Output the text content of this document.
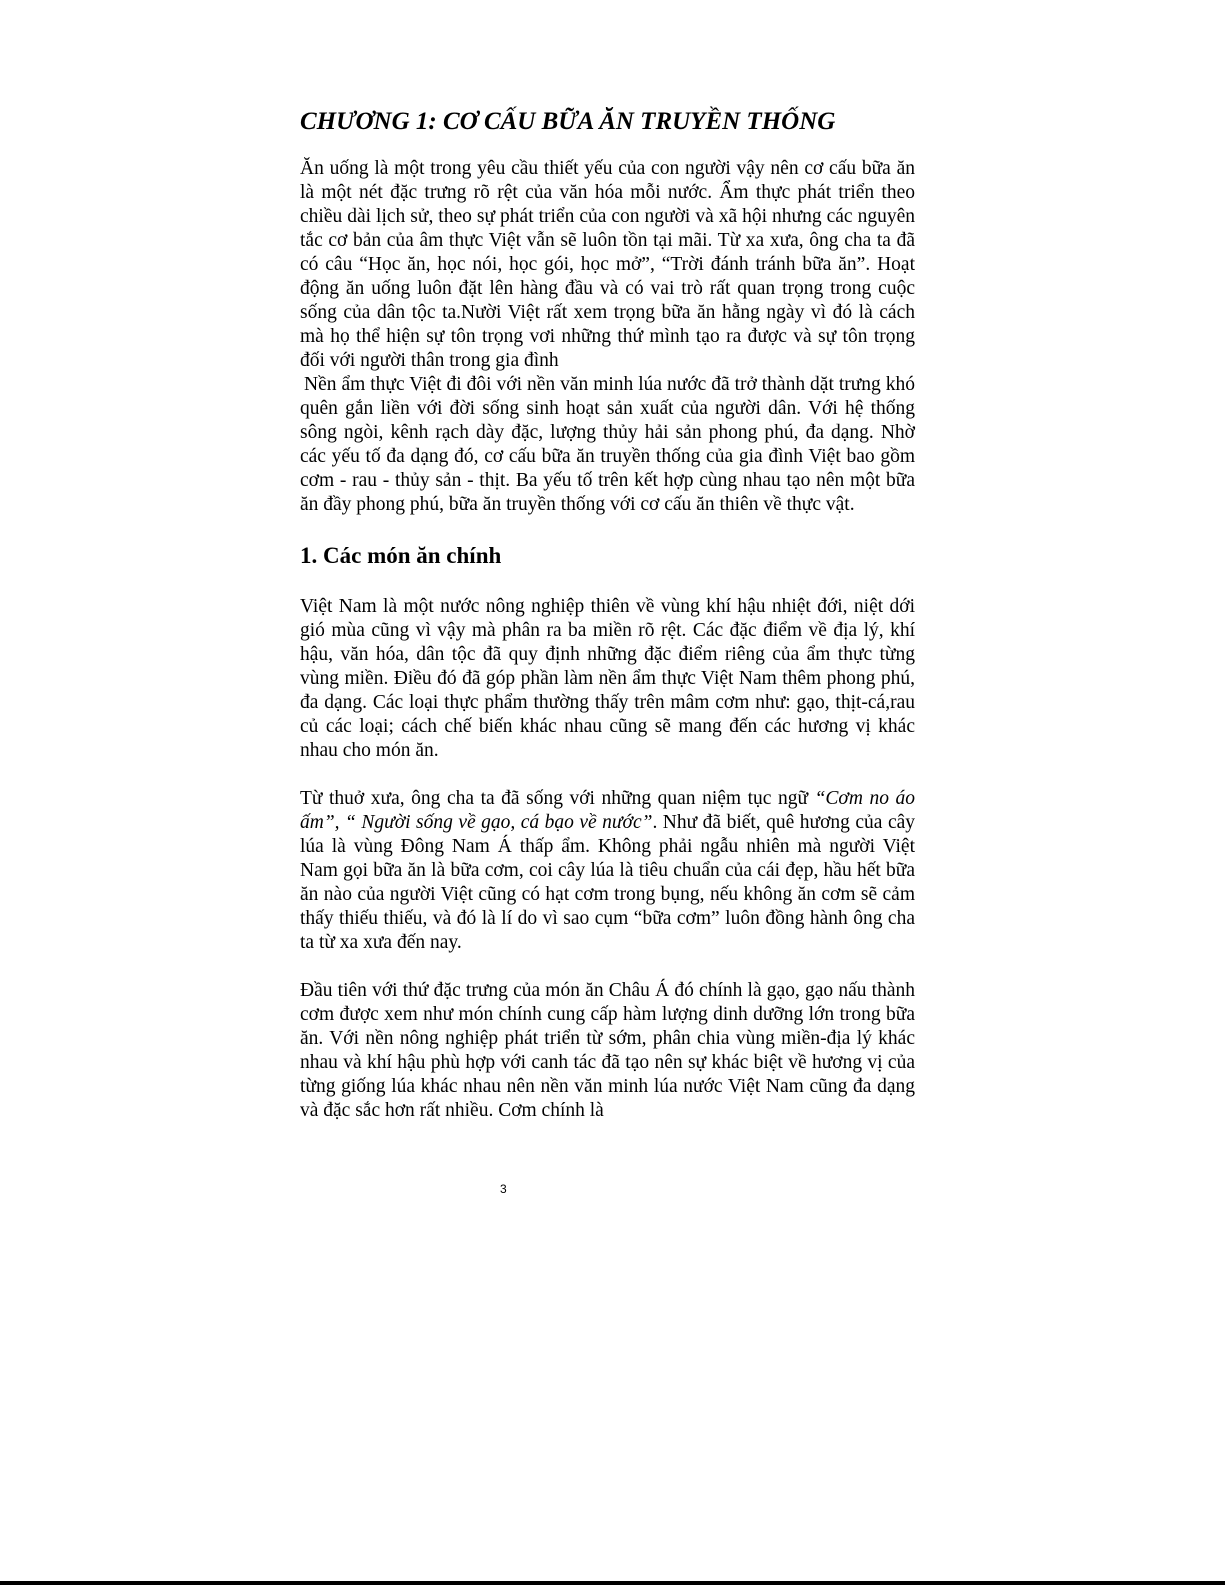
CHƯƠNG 1: CƠ CẤU BỮA ĂN TRUYỀN THỐNG

Ăn uống là một trong yêu cầu thiết yếu của con người vậy nên cơ cấu bữa ăn là một nét đặc trưng rõ rệt của văn hóa mỗi nước. Ẩm thực phát triển theo chiều dài lịch sử, theo sự phát triển của con người và xã hội nhưng các nguyên tắc cơ bản của âm thực Việt vẫn sẽ luôn tồn tại mãi. Từ xa xưa, ông cha ta đã có câu “Học ăn, học nói, học gói, học mở”, “Trời đánh tránh bữa ăn”. Hoạt động ăn uống luôn đặt lên hàng đầu và có vai trò rất quan trọng trong cuộc sống của dân tộc ta.Nười Việt rất xem trọng bữa ăn hằng ngày vì đó là cách mà họ thể hiện sự tôn trọng vơi những thứ mình tạo ra được và sự tôn trọng đối với người thân trong gia đình

Nền ẩm thực Việt đi đôi với nền văn minh lúa nước đã trở thành dặt trưng khó quên gắn liền với đời sống sinh hoạt sản xuất của người dân. Với hệ thống sông ngòi, kênh rạch dày đặc, lượng thủy hải sản phong phú, đa dạng. Nhờ các yếu tố đa dạng đó, cơ cấu bữa ăn truyền thống của gia đình Việt bao gồm cơm - rau - thủy sản - thịt. Ba yếu tố trên kết hợp cùng nhau tạo nên một bữa ăn đầy phong phú, bữa ăn truyền thống với cơ cấu ăn thiên về thực vật.

1. Các món ăn chính

Việt Nam là một nước nông nghiệp thiên về vùng khí hậu nhiệt đới, niệt dới gió mùa cũng vì vậy mà phân ra ba miền rõ rệt. Các đặc điểm về địa lý, khí hậu, văn hóa, dân tộc đã quy định những đặc điểm riêng của ẩm thực từng vùng miền. Điều đó đã góp phần làm nền ẩm thực Việt Nam thêm phong phú, đa dạng. Các loại thực phẩm thường thấy trên mâm cơm như: gạo, thịt-cá,rau củ các loại; cách chế biến khác nhau cũng sẽ mang đến các hương vị khác nhau cho món ăn.

Từ thuở xưa, ông cha ta đã sống với những quan niệm tục ngữ “Cơm no áo ấm”, “ Người sống về gạo, cá bạo về nước”. Như đã biết, quê hương của cây lúa là vùng Đông Nam Á thấp ẩm. Không phải ngẫu nhiên mà người Việt Nam gọi bữa ăn là bữa cơm, coi cây lúa là tiêu chuẩn của cái đẹp, hầu hết bữa ăn nào của người Việt cũng có hạt cơm trong bụng, nếu không ăn cơm sẽ cảm thấy thiếu thiếu, và đó là lí do vì sao cụm “bữa cơm” luôn đồng hành ông cha ta từ xa xưa đến nay.

Đầu tiên với thứ đặc trưng của món ăn Châu Á đó chính là gạo, gạo nấu thành cơm được xem như món chính cung cấp hàm lượng dinh dưỡng lớn trong bữa ăn. Với nền nông nghiệp phát triển từ sớm, phân chia vùng miền-địa lý khác nhau và khí hậu phù hợp với canh tác đã tạo nên sự khác biệt về hương vị của từng giống lúa khác nhau nên nền văn minh lúa nước Việt Nam cũng đa dạng và đặc sắc hơn rất nhiều. Cơm chính là

3
